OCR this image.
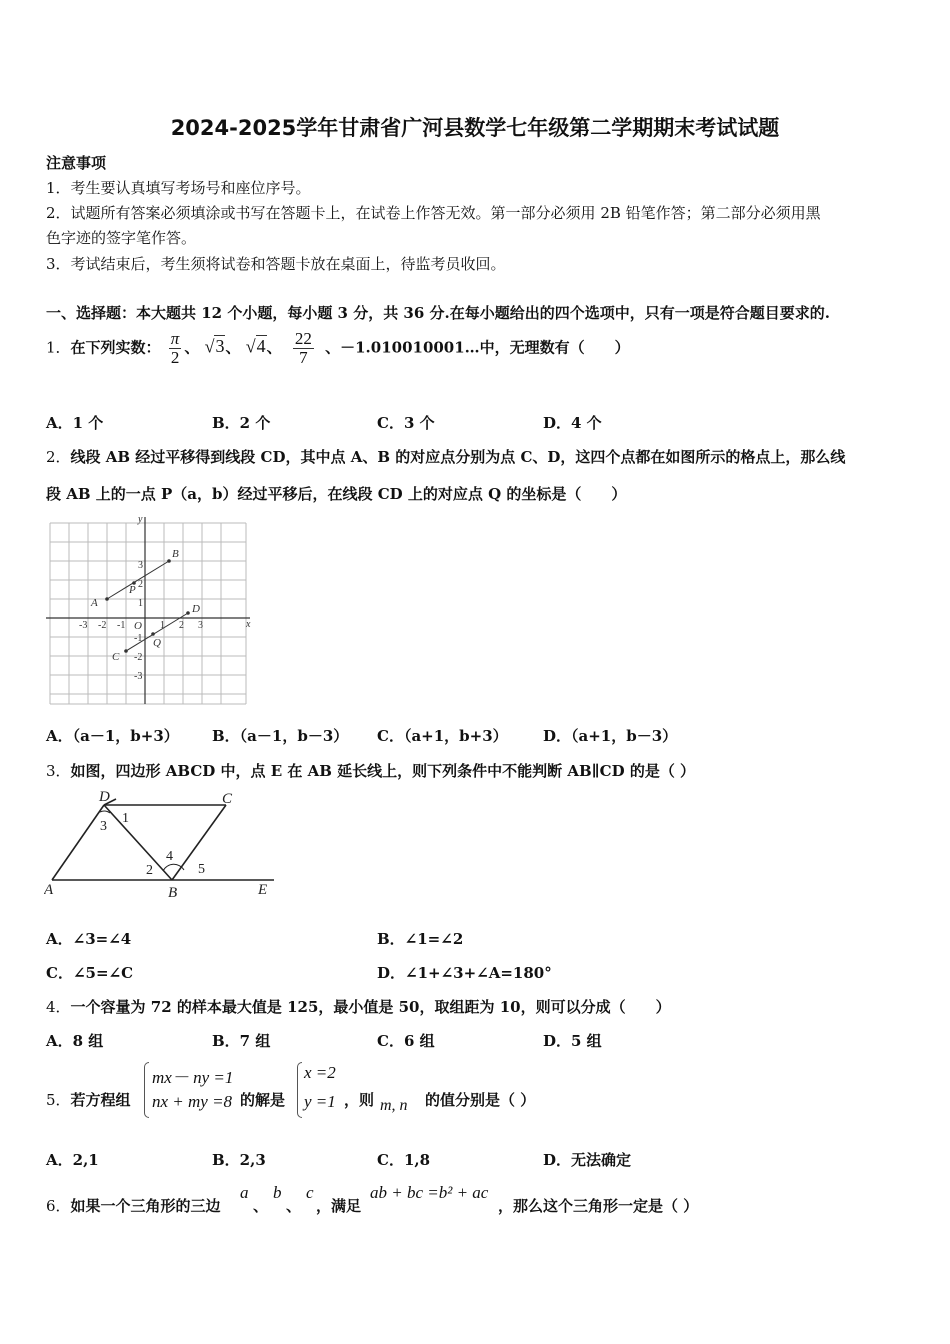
2024-2025学年甘肃省广河县数学七年级第二学期期末考试试题
注意事项
1．考生要认真填写考场号和座位序号。
2．试题所有答案必须填涂或书写在答题卡上，在试卷上作答无效。第一部分必须用 2B 铅笔作答；第二部分必须用黑
色字迹的签字笔作答。
3．考试结束后，考生须将试卷和答题卡放在桌面上，待监考员收回。
一、选择题：本大题共 12 个小题，每小题 3 分，共 36 分.在每小题给出的四个选项中，只有一项是符合题目要求的.
1．在下列实数： $\frac{\pi}{2}$ 、 √3、 √4、 $\frac{22}{7}$ 、－1.010010001…中，无理数有（　　）
A．1 个	B．2 个	C．3 个	D．4 个
2．线段 AB 经过平移得到线段 CD，其中点 A、B 的对应点分别为点 C、D，这四个点都在如图所示的格点上，那么线
段 AB 上的一点 P（a，b）经过平移后，在线段 CD 上的对应点 Q 的坐标是（　　）
x
y
O
-3 -2 -1	1 2 3
3
2
1
-1
-2
-3
A
B
P
C
D
Q
A．（a－1，b+3） B．（a－1，b－3） C．（a+1，b+3） D．（a+1，b－3）
3．如图，四边形 ABCD 中，点 E 在 AB 延长线上，则下列条件中不能判断 AB∥CD 的是（ ）
A	B
C
D
E
1
2
3
4
5
A．∠3=∠4	B．∠1=∠2
C．∠5=∠C	D．∠1+∠3+∠A=180°
4．一个容量为 72 的样本最大值是 125，最小值是 50，取组距为 10，则可以分成（　　）
A．8 组	B．7 组	C．6 组	D．5 组
5．若方程组
mx－ ny =1
nx + my =8 的解是
x =2
y =1 ，则 m, n 的值分别是（ ）
A．2,1	B．2,3	C．1,8	D．无法确定
6．如果一个三角形的三边
a
、
b
、
c
，满足
ab + bc =b² + ac
，那么这个三角形一定是（ ）
